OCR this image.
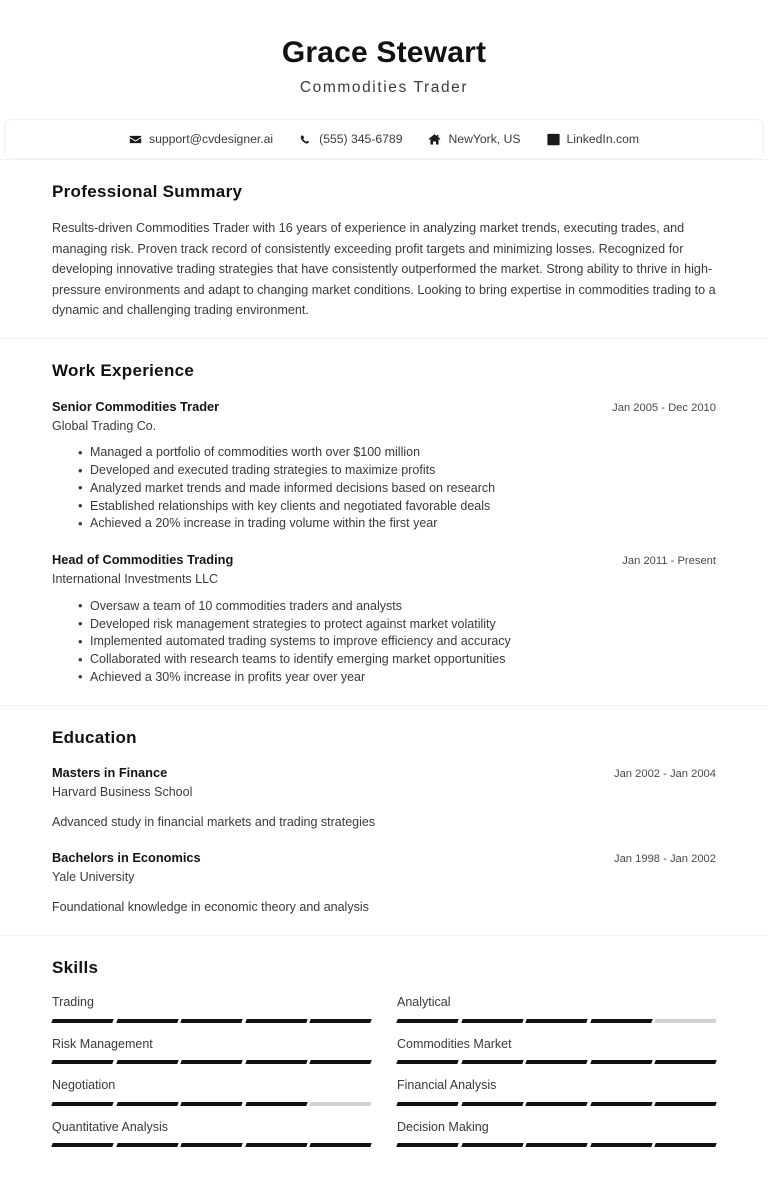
Grace Stewart
Commodities Trader
support@cvdesigner.ai	(555) 345-6789	NewYork, US	LinkedIn.com
Professional Summary

Results-driven Commodities Trader with 16 years of experience in analyzing market trends, executing trades, and managing risk. Proven track record of consistently exceeding profit targets and minimizing losses. Recognized for developing innovative trading strategies that have consistently outperformed the market. Strong ability to thrive in high-pressure environments and adapt to changing market conditions. Looking to bring expertise in commodities trading to a dynamic and challenging trading environment.

Work Experience
Senior Commodities Trader	Jan 2005 - Dec 2010
Global Trading Co.
• Managed a portfolio of commodities worth over $100 million
• Developed and executed trading strategies to maximize profits
• Analyzed market trends and made informed decisions based on research
• Established relationships with key clients and negotiated favorable deals
• Achieved a 20% increase in trading volume within the first year
Head of Commodities Trading	Jan 2011 - Present
International Investments LLC
• Oversaw a team of 10 commodities traders and analysts
• Developed risk management strategies to protect against market volatility
• Implemented automated trading systems to improve efficiency and accuracy
• Collaborated with research teams to identify emerging market opportunities
• Achieved a 30% increase in profits year over year
Education
Masters in Finance	Jan 2002 - Jan 2004
Harvard Business School
Advanced study in financial markets and trading strategies
Bachelors in Economics	Jan 1998 - Jan 2002
Yale University
Foundational knowledge in economic theory and analysis
Skills
Trading	Analytical
Risk Management	Commodities Market
Negotiation	Financial Analysis
Quantitative Analysis	Decision Making
